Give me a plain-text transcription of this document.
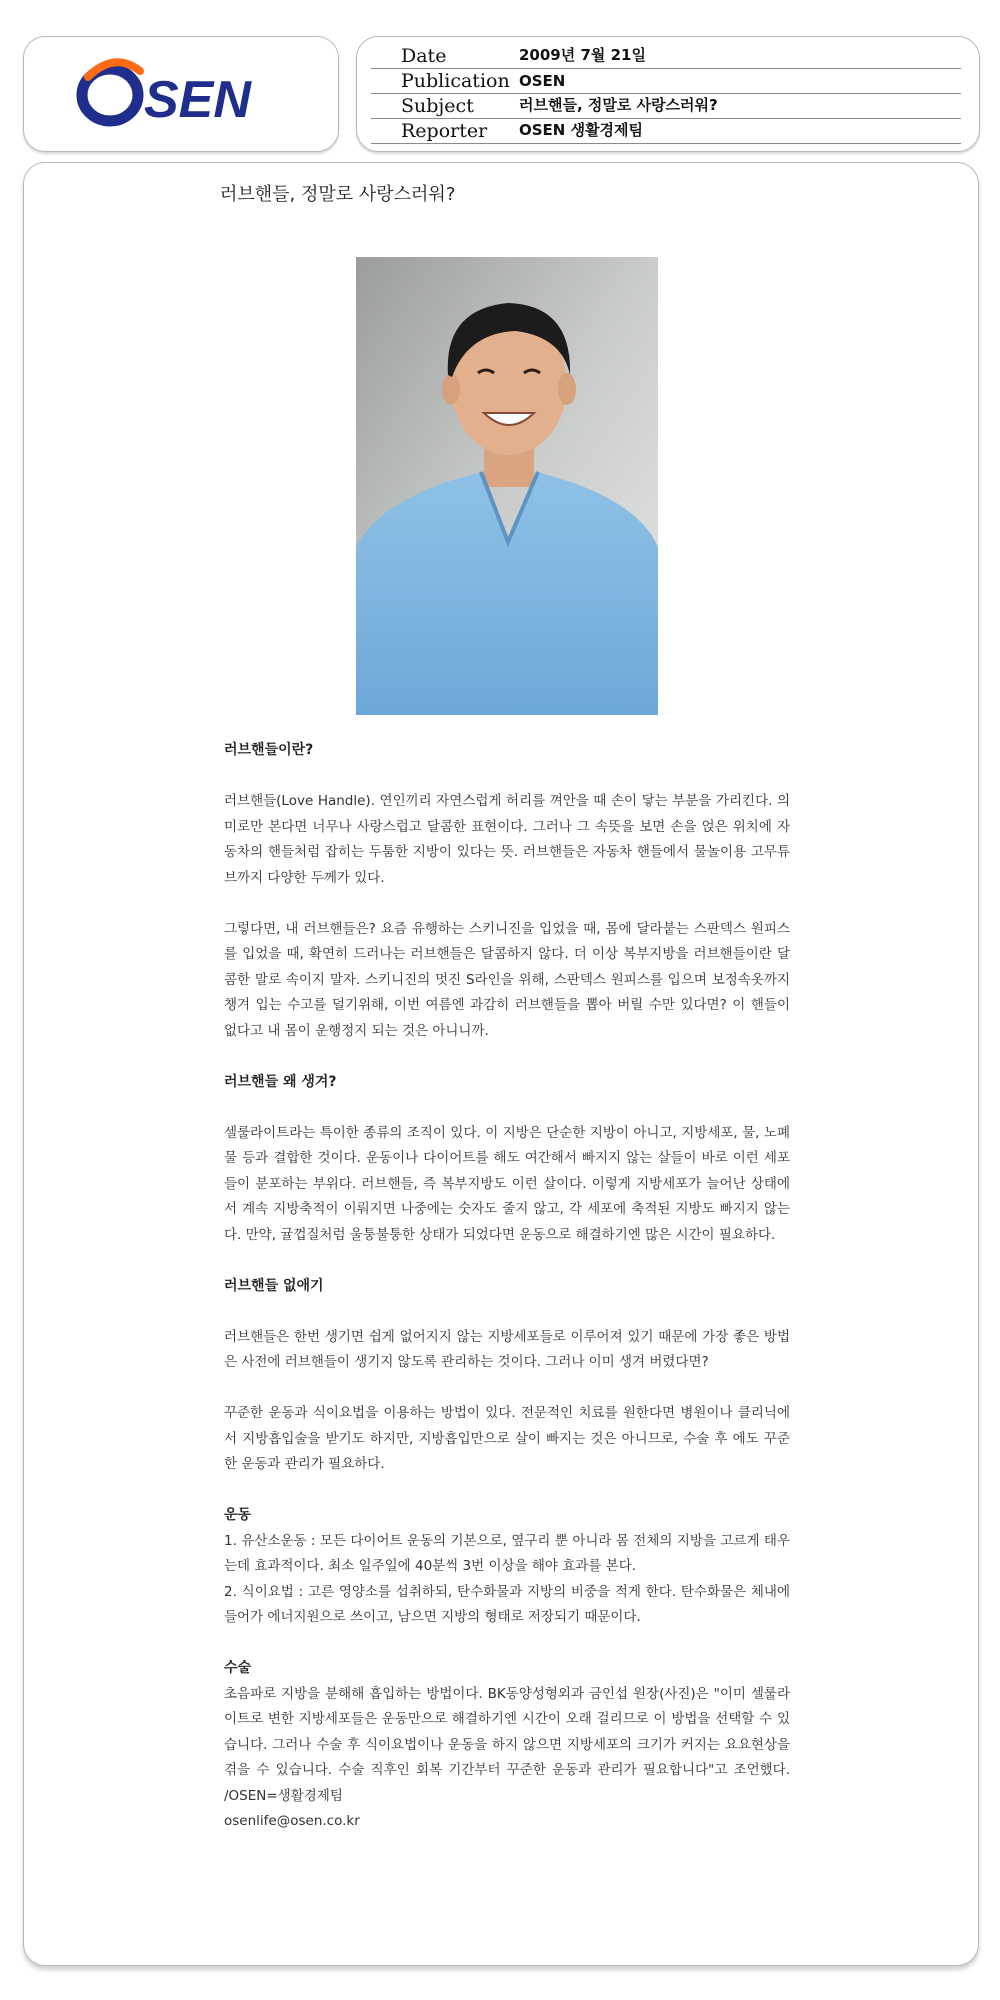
SEN
Date	2009년 7월 21일
Publication OSEN
Subject	러브핸들, 정말로 사랑스러워?
Reporter OSEN 생활경제팀
러브핸들, 정말로 사랑스러워?
러브핸들이란?

러브핸들(Love Handle). 연인끼리 자연스럽게 허리를 껴안을 때 손이 닿는 부분을 가리킨다. 의미로만 본다면 너무나 사랑스럽고 달콤한 표현이다. 그러나 그 속뜻을 보면 손을 얹은 위치에 자동차의 핸들처럼 잡히는 두툼한 지방이 있다는 뜻. 러브핸들은 자동차 핸들에서 물놀이용 고무튜브까지 다양한 두께가 있다.

그렇다면, 내 러브핸들은? 요즘 유행하는 스키니진을 입었을 때, 몸에 달라붙는 스판덱스 원피스를 입었을 때, 확연히 드러나는 러브핸들은 달콤하지 않다. 더 이상 복부지방을 러브핸들이란 달콤한 말로 속이지 말자. 스키니진의 멋진 S라인을 위해, 스판덱스 원피스를 입으며 보정속옷까지 챙겨 입는 수고를 덜기위해, 이번 여름엔 과감히 러브핸들을 뽑아 버릴 수만 있다면? 이 핸들이 없다고 내 몸이 운행정지 되는 것은 아니니까.

러브핸들 왜 생겨?

셀룰라이트라는 특이한 종류의 조직이 있다. 이 지방은 단순한 지방이 아니고, 지방세포, 물, 노폐물 등과 결합한 것이다. 운동이나 다이어트를 해도 여간해서 빠지지 않는 살들이 바로 이런 세포들이 분포하는 부위다. 러브핸들, 즉 복부지방도 이런 살이다. 이렇게 지방세포가 늘어난 상태에서 계속 지방축적이 이뤄지면 나중에는 숫자도 줄지 않고, 각 세포에 축적된 지방도 빠지지 않는다. 만약, 귤껍질처럼 울퉁불퉁한 상태가 되었다면 운동으로 해결하기엔 많은 시간이 필요하다.

러브핸들 없애기

러브핸들은 한번 생기면 쉽게 없어지지 않는 지방세포들로 이루어져 있기 때문에 가장 좋은 방법은 사전에 러브핸들이 생기지 않도록 관리하는 것이다. 그러나 이미 생겨 버렸다면?

꾸준한 운동과 식이요법을 이용하는 방법이 있다. 전문적인 치료를 원한다면 병원이나 클리닉에서 지방흡입술을 받기도 하지만, 지방흡입만으로 살이 빠지는 것은 아니므로, 수술 후 에도 꾸준한 운동과 관리가 필요하다.

운동

1. 유산소운동 : 모든 다이어트 운동의 기본으로, 옆구리 뿐 아니라 몸 전체의 지방을 고르게 태우는데 효과적이다. 최소 일주일에 40분씩 3번 이상을 해야 효과를 본다.

2. 식이요법 : 고른 영양소를 섭취하되, 탄수화물과 지방의 비중을 적게 한다. 탄수화물은 체내에 들어가 에너지원으로 쓰이고, 남으면 지방의 형태로 저장되기 때문이다.

수술

초음파로 지방을 분해해 흡입하는 방법이다. BK동양성형외과 금인섭 원장(사진)은 "이미 셀룰라이트로 변한 지방세포들은 운동만으로 해결하기엔 시간이 오래 걸리므로 이 방법을 선택할 수 있습니다. 그러나 수술 후 식이요법이나 운동을 하지 않으면 지방세포의 크기가 커지는 요요현상을 겪을 수 있습니다. 수술 직후인 회복 기간부터 꾸준한 운동과 관리가 필요합니다"고 조언했다. /OSEN=생활경제팀

osenlife@osen.co.kr
